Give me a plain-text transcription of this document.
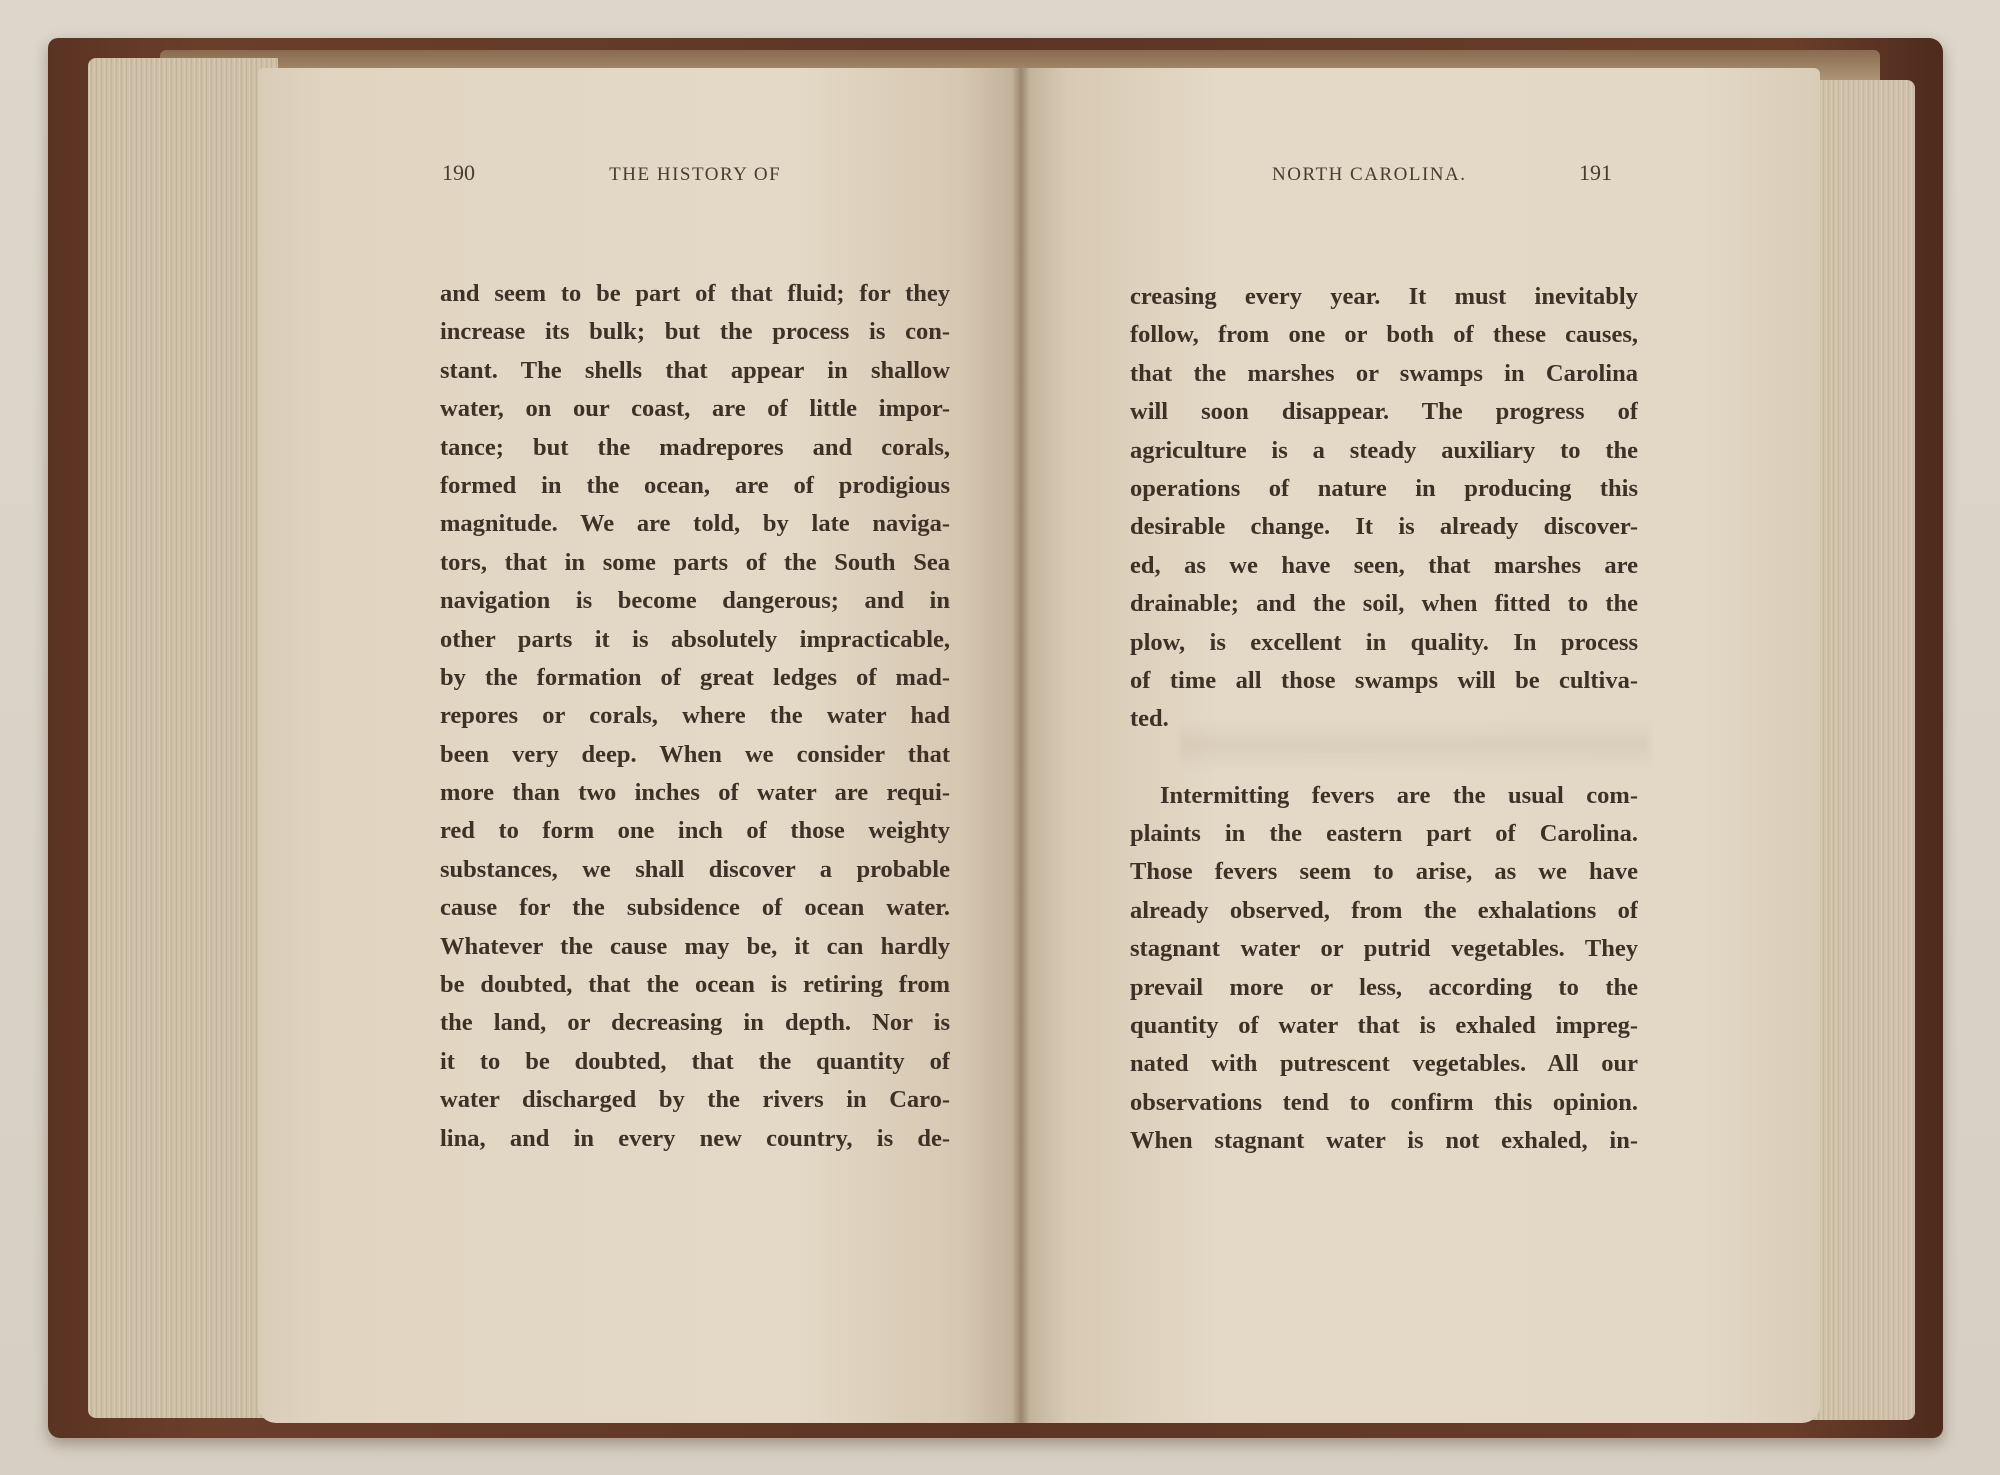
190	THE HISTORY OF	NORTH CAROLINA.	191
and seem to be part of that fluid; for they
increase its bulk; but the process is con-
stant. The shells that appear in shallow
water, on our coast, are of little impor-
tance; but the madrepores and corals,
formed in the ocean, are of prodigious
magnitude. We are told, by late naviga-
tors, that in some parts of the South Sea
navigation is become dangerous; and in
other parts it is absolutely impracticable,
by the formation of great ledges of mad-
repores or corals, where the water had
been very deep. When we consider that
more than two inches of water are requi-
red to form one inch of those weighty
substances, we shall discover a probable
cause for the subsidence of ocean water.
Whatever the cause may be, it can hardly
be doubted, that the ocean is retiring from
the land, or decreasing in depth. Nor is
it to be doubted, that the quantity of
water discharged by the rivers in Caro-
lina, and in every new country, is de-
creasing every year. It must inevitably
follow, from one or both of these causes,
that the marshes or swamps in Carolina
will soon disappear. The progress of
agriculture is a steady auxiliary to the
operations of nature in producing this
desirable change. It is already discover-
ed, as we have seen, that marshes are
drainable; and the soil, when fitted to the
plow, is excellent in quality. In process
of time all those swamps will be cultiva-
ted.
Intermitting fevers are the usual com-
plaints in the eastern part of Carolina.
Those fevers seem to arise, as we have
already observed, from the exhalations of
stagnant water or putrid vegetables. They
prevail more or less, according to the
quantity of water that is exhaled impreg-
nated with putrescent vegetables. All our
observations tend to confirm this opinion.
When stagnant water is not exhaled, in-
